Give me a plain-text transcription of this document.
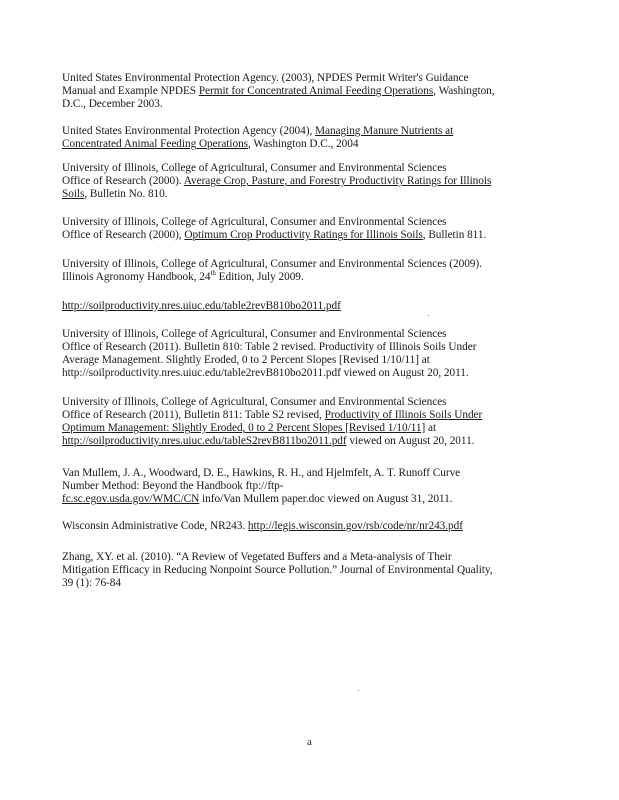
United States Environmental Protection Agency. (2003), NPDES Permit Writer's Guidance
Manual and Example NPDES Permit for Concentrated Animal Feeding Operations, Washington,
D.C., December 2003.
United States Environmental Protection Agency (2004), Managing Manure Nutrients at
Concentrated Animal Feeding Operations, Washington D.C., 2004
University of Illinois, College of Agricultural, Consumer and Environmental Sciences
Office of Research (2000). Average Crop, Pasture, and Forestry Productivity Ratings for Illinois
Soils, Bulletin No. 810.
University of Illinois, College of Agricultural, Consumer and Environmental Sciences
Office of Research (2000), Optimum Crop Productivity Ratings for Illinois Soils, Bulletin 811.
University of Illinois, College of Agricultural, Consumer and Environmental Sciences (2009).
Illinois Agronomy Handbook, 24th Edition, July 2009.
http://soilproductivity.nres.uiuc.edu/table2revB810bo2011.pdf
University of Illinois, College of Agricultural, Consumer and Environmental Sciences
Office of Research (2011). Bulletin 810: Table 2 revised. Productivity of Illinois Soils Under
Average Management. Slightly Eroded, 0 to 2 Percent Slopes [Revised 1/10/11] at
http://soilproductivity.nres.uiuc.edu/table2revB810bo2011.pdf viewed on August 20, 2011.
University of Illinois, College of Agricultural, Consumer and Environmental Sciences
Office of Research (2011), Bulletin 811: Table S2 revised, Productivity of Illinois Soils Under
Optimum Management: Slightly Eroded, 0 to 2 Percent Slopes [Revised 1/10/11] at
http://soilproductivity.nres.uiuc.edu/tableS2revB811bo2011.pdf viewed on August 20, 2011.
Van Mullem, J. A., Woodward, D. E., Hawkins, R. H., and Hjelmfelt, A. T. Runoff Curve
Number Method: Beyond the Handbook ftp://ftp-
fc.sc.egov.usda.gov/WMC/CN info/Van Mullem paper.doc viewed on August 31, 2011.
Wisconsin Administrative Code, NR243. http://legis.wisconsin.gov/rsb/code/nr/nr243.pdf
Zhang, XY. et al. (2010). “A Review of Vegetated Buffers and a Meta-analysis of Their
Mitigation Efficacy in Reducing Nonpoint Source Pollution.” Journal of Environmental Quality,
39 (1): 76-84
a
